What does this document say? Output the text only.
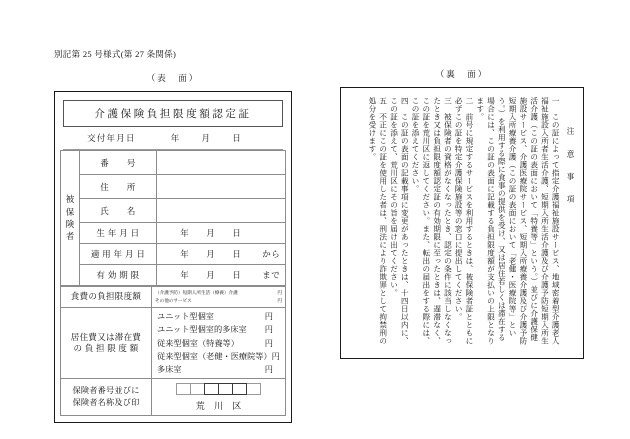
別記第 25 号様式(第 27 条関係)
（表　面）
介護保険負担限度額認定証
交付年月日	年	月	日
被
保
険
者	番　　号	
	住　　所	
	氏　　名	
	生 年 月 日	年 月 日

	適 用 年 月 日	年 月 日 から

	有 効 期 限	年 月 日 まで
食費の負担限度額	（介護予防）短期入所生活（療養）介護 円
その他のサービス 円

居住費又は滞在費
の 負 担 限 度 額

ユニット型個室	円
ユニット型個室的多床室 円
従来型個室（特養等）	円
従来型個室（老健・医療院等） 円
多床室	円

保険者番号並びに
保険者名称及び印	荒 川 区
（裏　面）
注 意 事 項
一　この証によって指定介護福祉施設サービス、地域密着型介護老人福祉施設入所者生活介護、短期入所生活介護及び介護予防短期入所生活介護（この証の表面において「特養等」という。）並びに介護保健施設サービス、介護医療院サービス、短期入所療養介護及び介護予防短期入所療養介護（この証の表面において「老健・医療院等」という。）を利用する際に食事の提供を受け、又は居住若しくは滞在する場合には、この証の表面に記載する負担限度額が支払いの上限となります。
二　前号に規定するサービスを利用するときは、被保険者証とともに必ずこの証を特定介護保険施設等の窓口に提出してください。
三　被保険者の資格がなくなったとき、認定の条件に該当しなくなったとき又は負担限度額認定証の有効期限に至ったときは、遅滞なく、この証を荒川区に返してください。また、転出の届出をする際には、この証を添えてください。
四　この証の表面の記載事項に変更があったときは、十四日以内に、この証を添えて、荒川区にその旨を届け出てください。
五　不正にこの証を使用した者は、刑法により詐欺罪として拘禁刑の処分を受けます。
